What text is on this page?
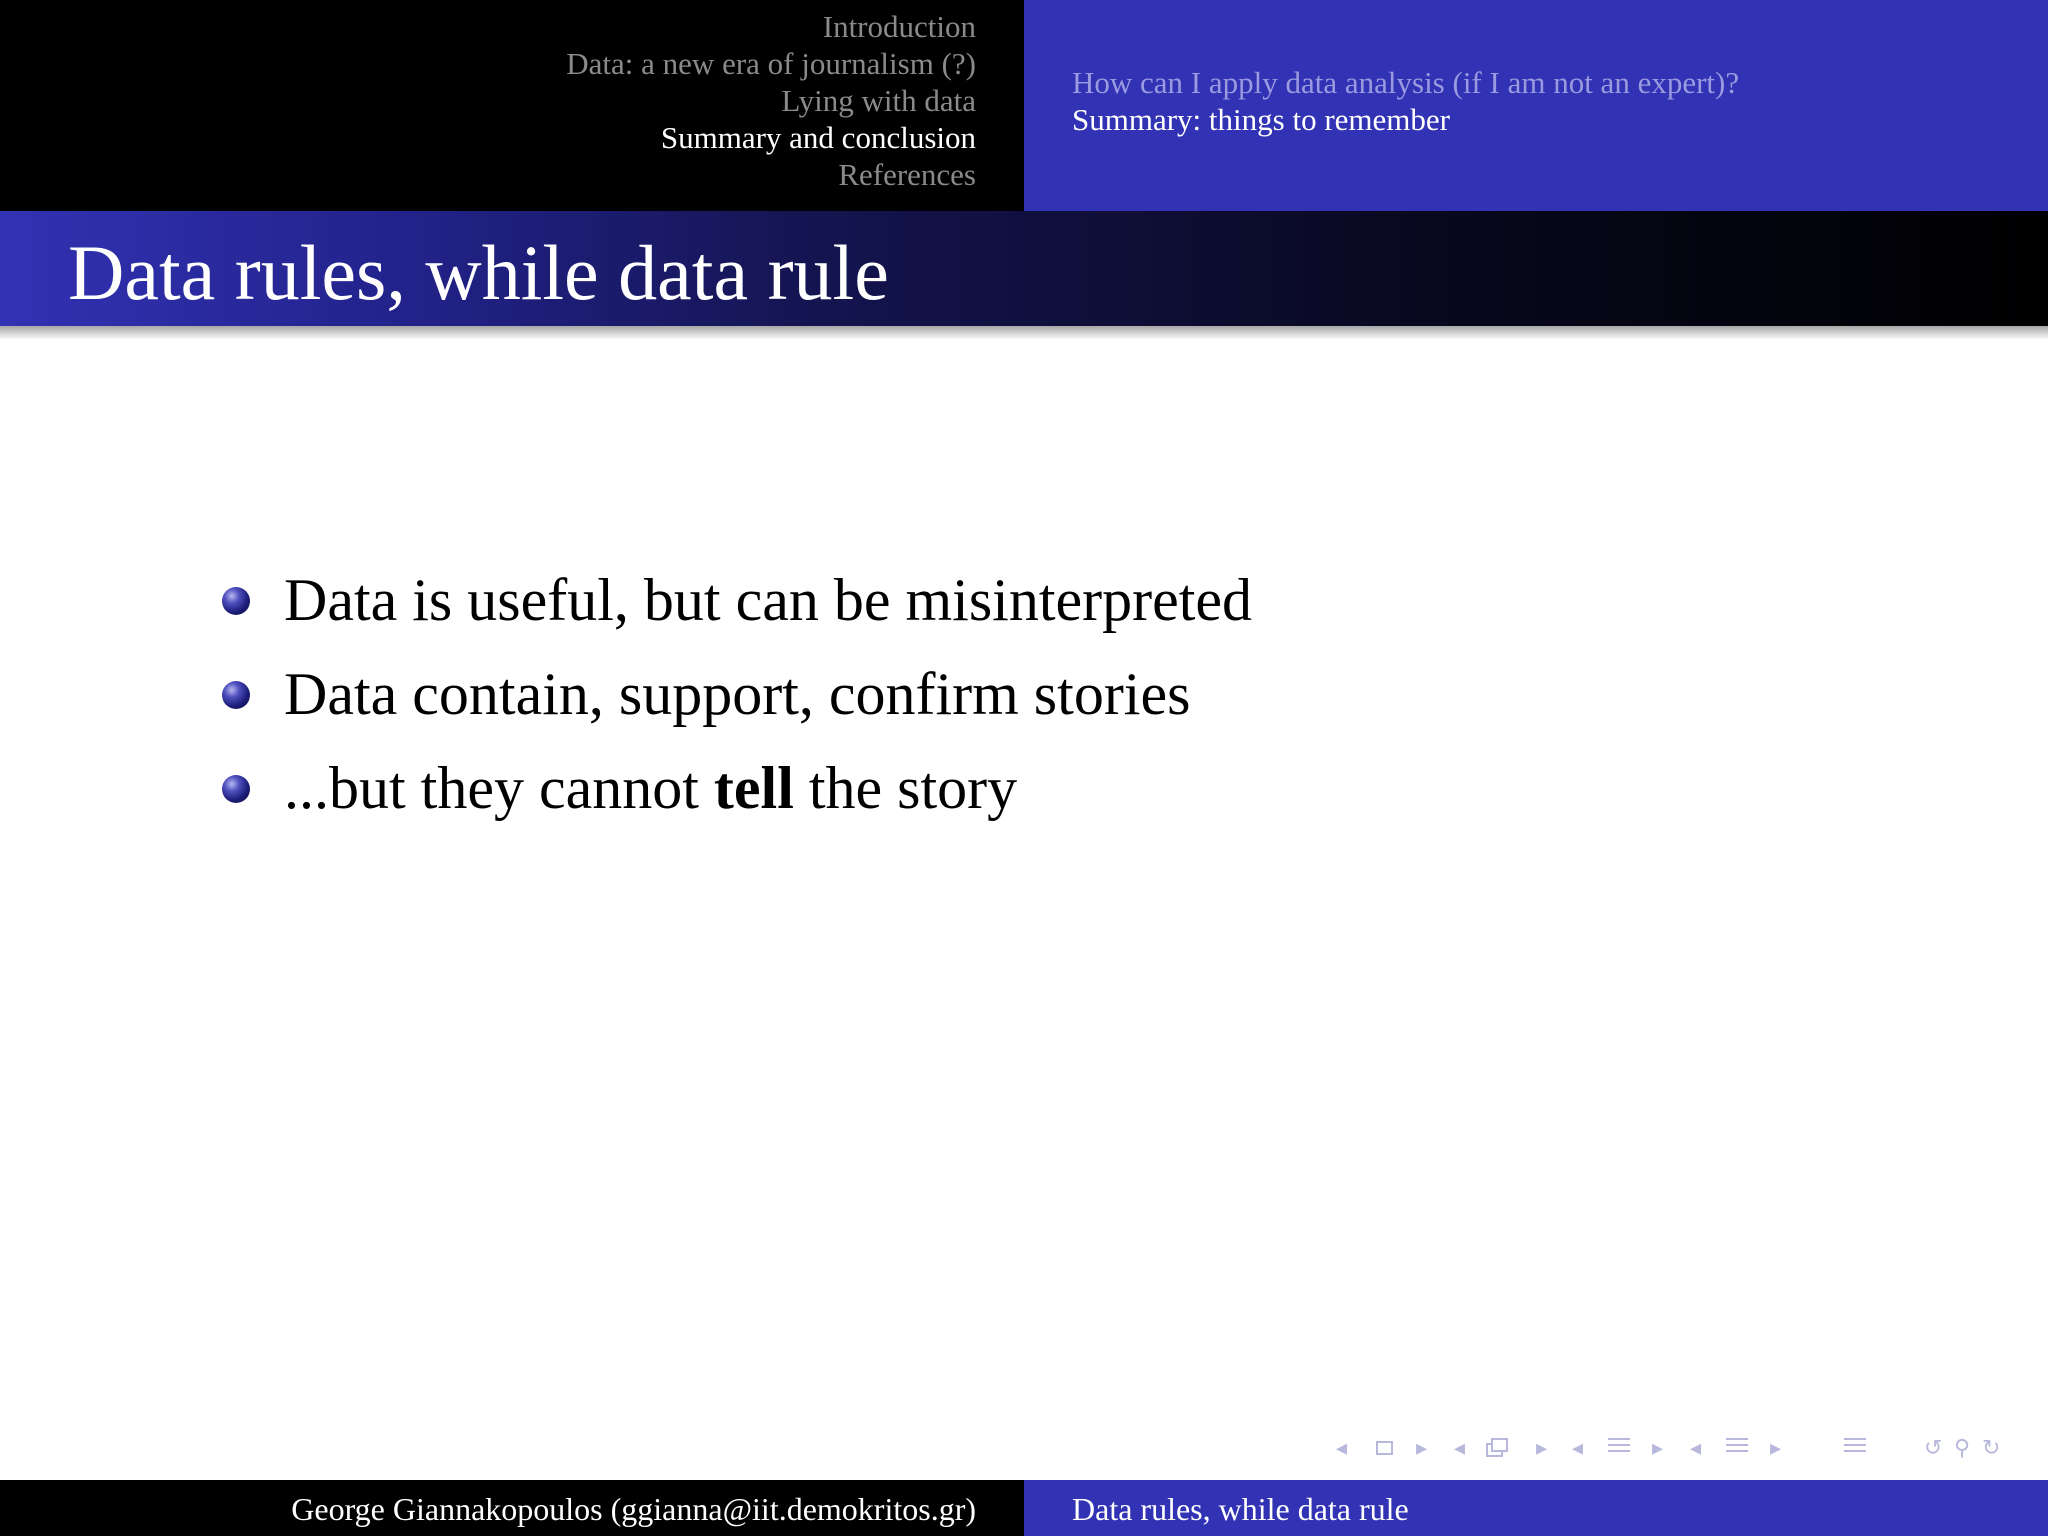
Introduction
Data: a new era of journalism (?)
Lying with data
Summary and conclusion
References
How can I apply data analysis (if I am not an expert)?
Summary: things to remember
Data rules, while data rule
Data is useful, but can be misinterpreted
Data contain, support, confirm stories
...but they cannot tell the story
◂	▸ ◂	▸ ◂	▸ ◂	▸	↺ ⚲ ↻
George Giannakopoulos (ggianna@iit.demokritos.gr)	Data rules, while data rule
